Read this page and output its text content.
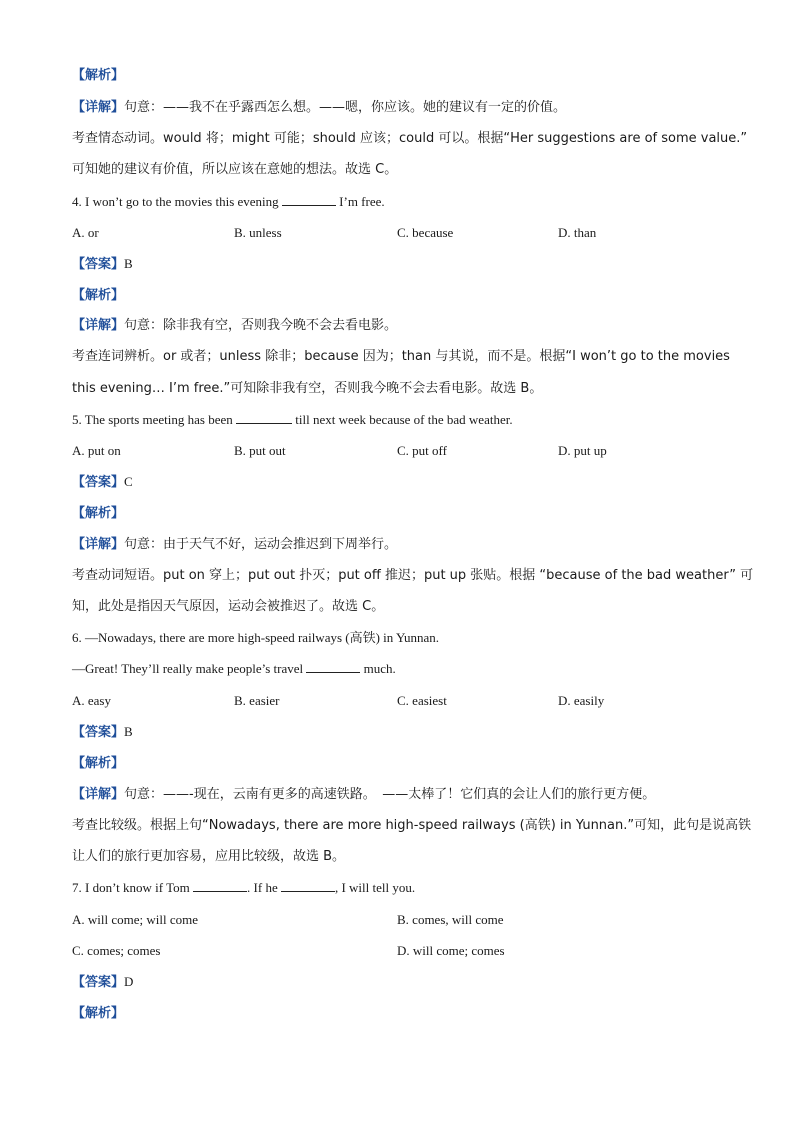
【解析】
【详解】句意：——我不在乎露西怎么想。——嗯，你应该。她的建议有一定的价值。
考查情态动词。would 将；might 可能；should 应该；could 可以。根据“Her suggestions are of some value.”
可知她的建议有价值，所以应该在意她的想法。故选 C。
4. I won’t go to the movies this evening	I’m free.
A. or	B. unless	C. because	D. than
【答案】B
【解析】
【详解】句意：除非我有空，否则我今晚不会去看电影。
考查连词辨析。or 或者；unless 除非；because 因为；than 与其说，而不是。根据“I won’t go to the movies
this evening… I’m free.”可知除非我有空，否则我今晚不会去看电影。故选 B。
5. The sports meeting has been	till next week because of the bad weather.
A. put on	B. put out	C. put off	D. put up
【答案】C
【解析】
【详解】句意：由于天气不好，运动会推迟到下周举行。
考查动词短语。put on 穿上；put out 扑灭；put off 推迟；put up 张贴。根据 “because of the bad weather” 可
知，此处是指因天气原因，运动会被推迟了。故选 C。
6. —Nowadays, there are more high-speed railways (高铁) in Yunnan.
—Great! They’ll really make people’s travel	much.
A. easy	B. easier	C. easiest	D. easily
【答案】B
【解析】
【详解】句意：——-现在，云南有更多的高速铁路。　——太棒了！它们真的会让人们的旅行更方便。
考查比较级。根据上句“Nowadays, there are more high-speed railways (高铁) in Yunnan.”可知，此句是说高铁
让人们的旅行更加容易，应用比较级，故选 B。
7. I don’t know if Tom	. If he	, I will tell you.
A. will come; will come	B. comes, will come
C. comes; comes	D. will come; comes
【答案】D
【解析】
